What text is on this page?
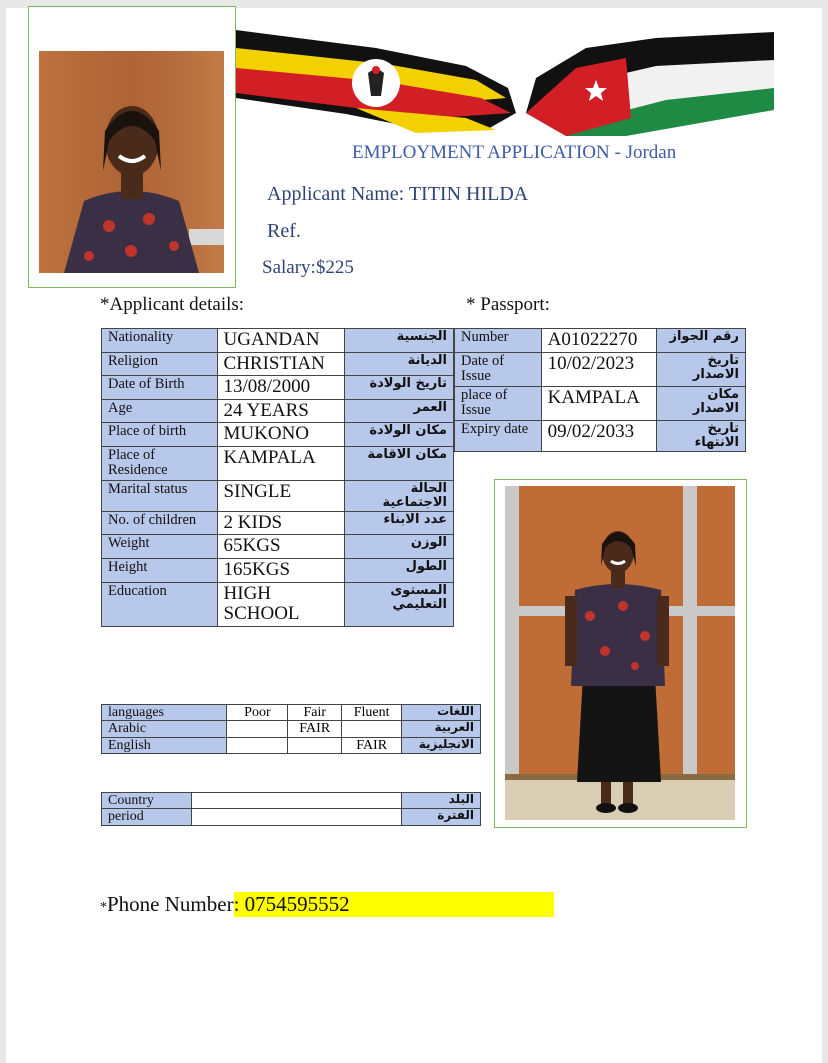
EMPLOYMENT APPLICATION - Jordan
Applicant Name: TITIN HILDA
Ref.
Salary:$225
*Applicant details:	* Passport:
Nationality	UGANDAN	الجنسية
Religion	CHRISTIAN	الديانة
Date of Birth	13/08/2000	تاريخ الولادة
Age	24 YEARS	العمر
Place of birth	MUKONO	مكان الولادة
Place of Residence	KAMPALA	مكان الاقامة
Marital status	SINGLE	الحالة الاجتماعية
No. of children	2 KIDS	عدد الابناء
Weight	65KGS	الوزن
Height	165KGS	الطول
Education	HIGH SCHOOL	المستوى التعليمي
Number	A01022270	رقم الجواز
Date of Issue	10/02/2023	تاريخ الاصدار
place of Issue	KAMPALA	مكان الاصدار
Expiry date	09/02/2033	تاريخ الانتهاء
languages	Poor	Fair	Fluent	اللغات
Arabic		FAIR		العربية
English			FAIR	الانجليزية
Country		البلد
period		الفترة
*Phone Number: 0754595552
